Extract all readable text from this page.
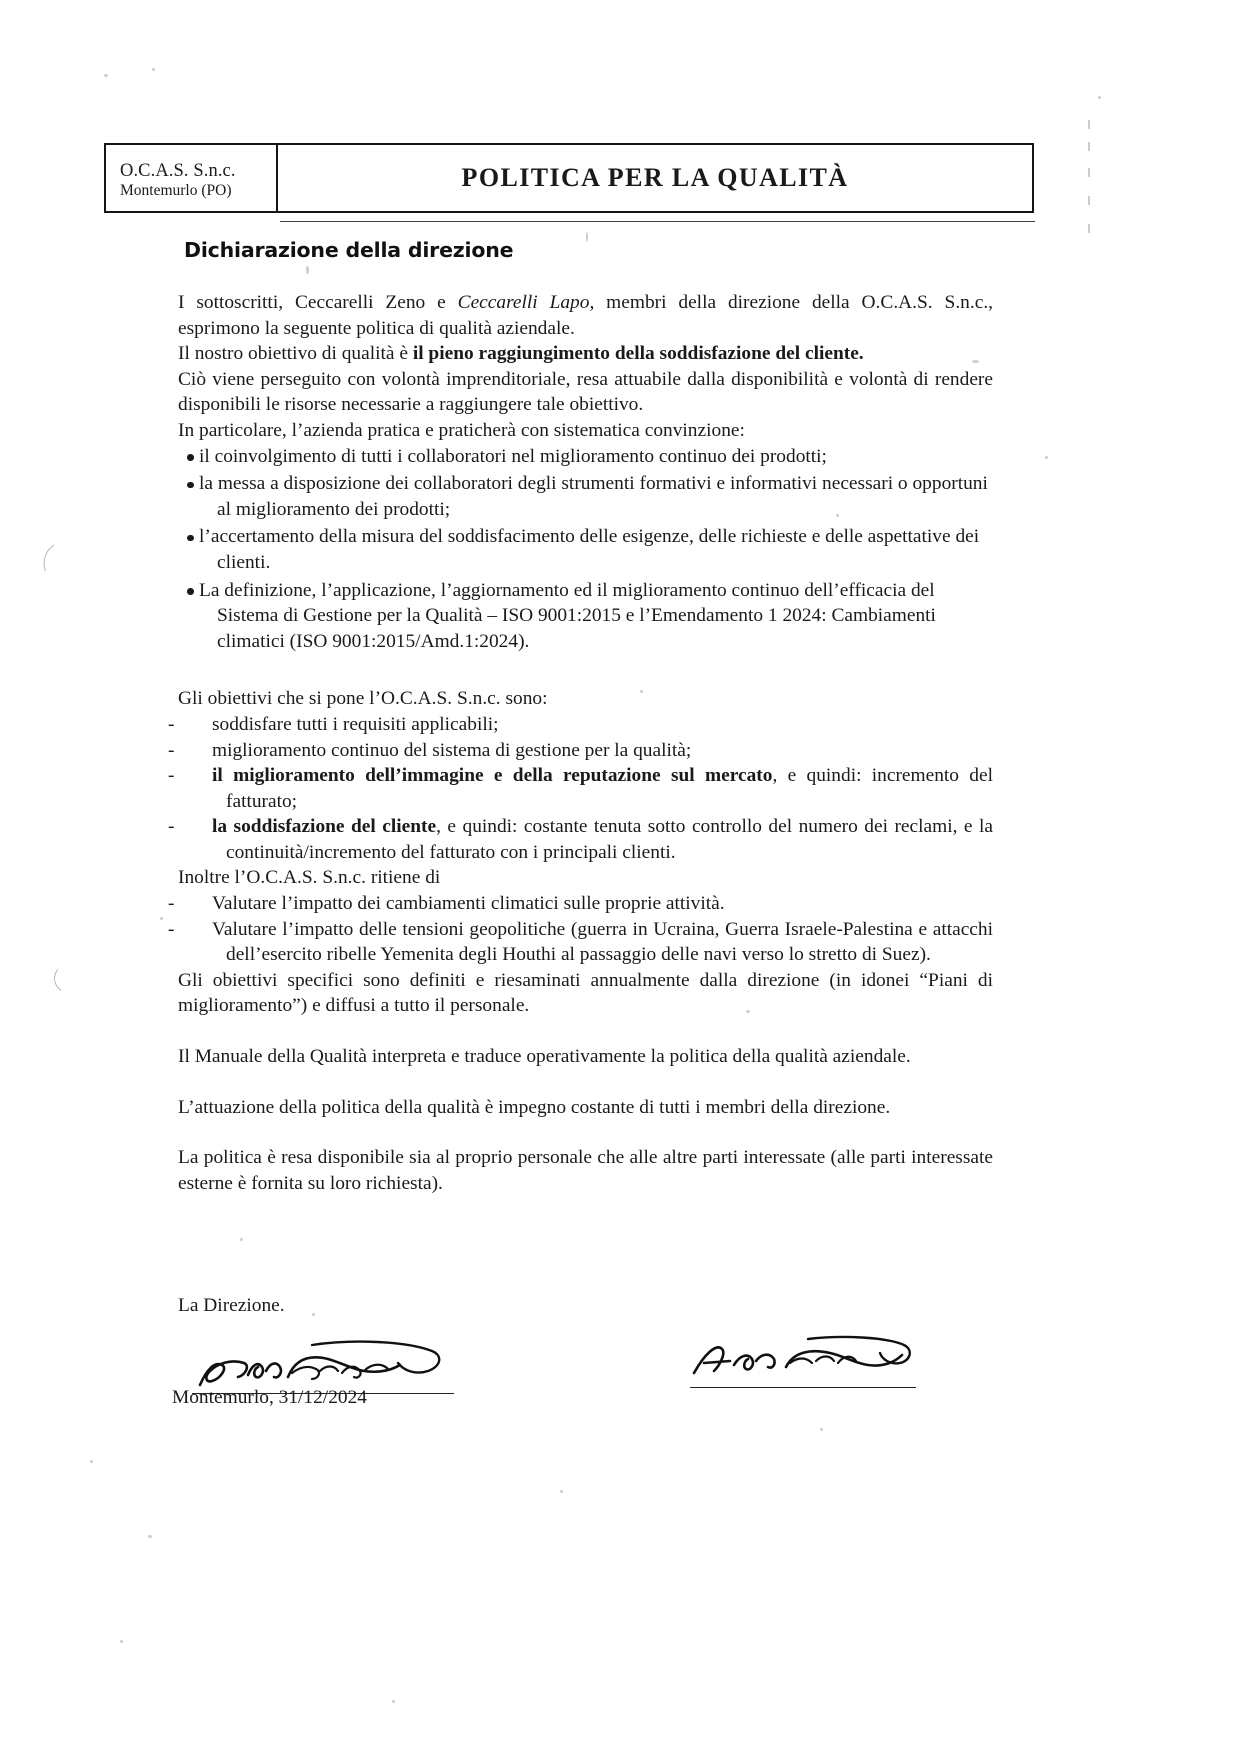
O.C.A.S. S.n.c.
Montemurlo (PO)	POLITICA PER LA QUALITÀ
Dichiarazione della direzione

I sottoscritti, Ceccarelli Zeno e Ceccarelli Lapo, membri della direzione della O.C.A.S. S.n.c., esprimono la seguente politica di qualità aziendale.

Il nostro obiettivo di qualità è il pieno raggiungimento della soddisfazione del cliente.

Ciò viene perseguito con volontà imprenditoriale, resa attuabile dalla disponibilità e volontà di rendere disponibili le risorse necessarie a raggiungere tale obiettivo.

In particolare, l’azienda pratica e praticherà con sistematica convinzione:

il coinvolgimento di tutti i collaboratori nel miglioramento continuo dei prodotti;
la messa a disposizione dei collaboratori degli strumenti formativi e informativi necessari o opportuni al miglioramento dei prodotti;
l’accertamento della misura del soddisfacimento delle esigenze, delle richieste e delle aspettative dei clienti.
La definizione, l’applicazione, l’aggiornamento ed il miglioramento continuo dell’efficacia del Sistema di Gestione per la Qualità – ISO 9001:2015 e l’Emendamento 1 2024: Cambiamenti climatici (ISO 9001:2015/Amd.1:2024).

Gli obiettivi che si pone l’O.C.A.S. S.n.c. sono:

-	soddisfare tutti i requisiti applicabili;
-	miglioramento continuo del sistema di gestione per la qualità;
-	il miglioramento dell’immagine e della reputazione sul mercato, e quindi: incremento del fatturato;
-	la soddisfazione del cliente, e quindi: costante tenuta sotto controllo del numero dei reclami, e la continuità/incremento del fatturato con i principali clienti.

Inoltre l’O.C.A.S. S.n.c. ritiene di

-	Valutare l’impatto dei cambiamenti climatici sulle proprie attività.
-	Valutare l’impatto delle tensioni geopolitiche (guerra in Ucraina, Guerra Israele-Palestina e attacchi dell’esercito ribelle Yemenita degli Houthi al passaggio delle navi verso lo stretto di Suez).

Gli obiettivi specifici sono definiti e riesaminati annualmente dalla direzione (in idonei “Piani di miglioramento”) e diffusi a tutto il personale.

Il Manuale della Qualità interpreta e traduce operativamente la politica della qualità aziendale.

L’attuazione della politica della qualità è impegno costante di tutti i membri della direzione.

La politica è resa disponibile sia al proprio personale che alle altre parti interessate (alle parti interessate esterne è fornita su loro richiesta).

La Direzione.

Montemurlo, 31/12/2024
